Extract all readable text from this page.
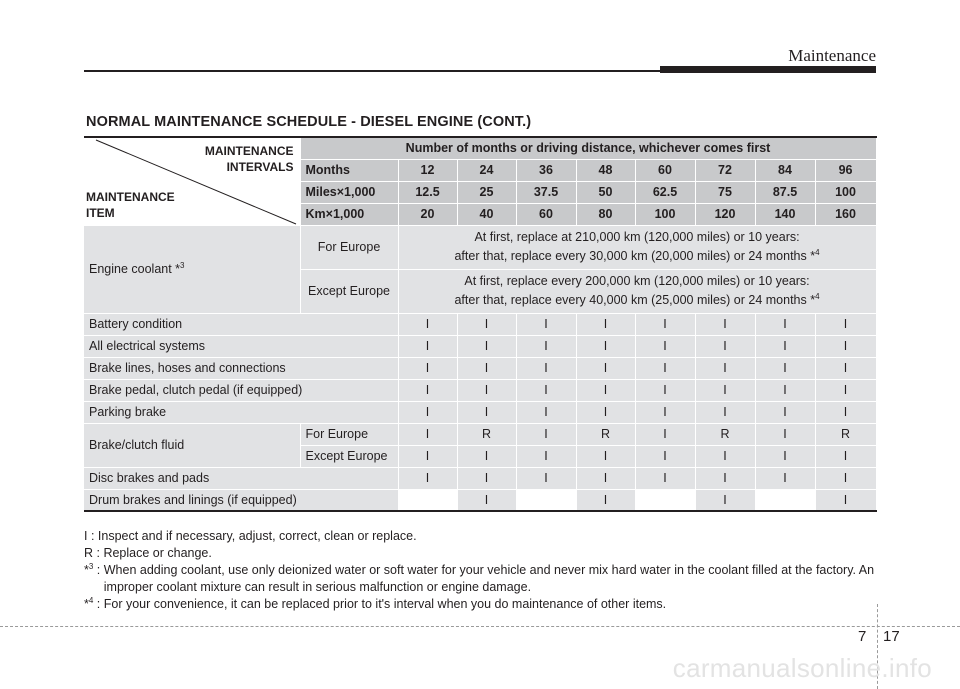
Maintenance
NORMAL MAINTENANCE SCHEDULE - DIESEL ENGINE (CONT.)
MAINTENANCE
INTERVALS
MAINTENANCE
ITEM	Number of months or driving distance, whichever comes first								
	Months	12	24	36	48	60	72	84	96
	Miles×1,000	12.5	25	37.5	50	62.5	75	87.5	100
	Km×1,000	20	40	60	80	100	120	140	160
Engine coolant *$^3$	For Europe	At first, replace at 210,000 km (120,000 miles) or 10 years:
after that, replace every 30,000 km (20,000 miles) or 24 months *$^4$

	Except Europe	At first, replace every 200,000 km (120,000 miles) or 10 years:
after that, replace every 40,000 km (25,000 miles) or 24 months *$^4$

Battery condition		I	I	I	I	I	I	I	I
All electrical systems		I	I	I	I	I	I	I	I
Brake lines, hoses and connections		I	I	I	I	I	I	I	I
Brake pedal, clutch pedal (if equipped)		I	I	I	I	I	I	I	I
Parking brake		I	I	I	I	I	I	I	I
Brake/clutch fluid	For Europe	I	R	I	R	I	R	I	R
	Except Europe	I	I	I	I	I	I	I	I
Disc brakes and pads		I	I	I	I	I	I	I	I
Drum brakes and linings (if equipped)			I		I		I		I
I : Inspect and if necessary, adjust, correct, clean or replace.
R : Replace or change.
*$^3$ : When adding coolant, use only deionized water or soft water for your vehicle and never mix hard water in the coolant filled at the factory. An improper coolant mixture can result in serious malfunction or engine damage.
*$^4$ : For your convenience, it can be replaced prior to it's interval when you do maintenance of other items.
7 17
carmanualsonline.info
